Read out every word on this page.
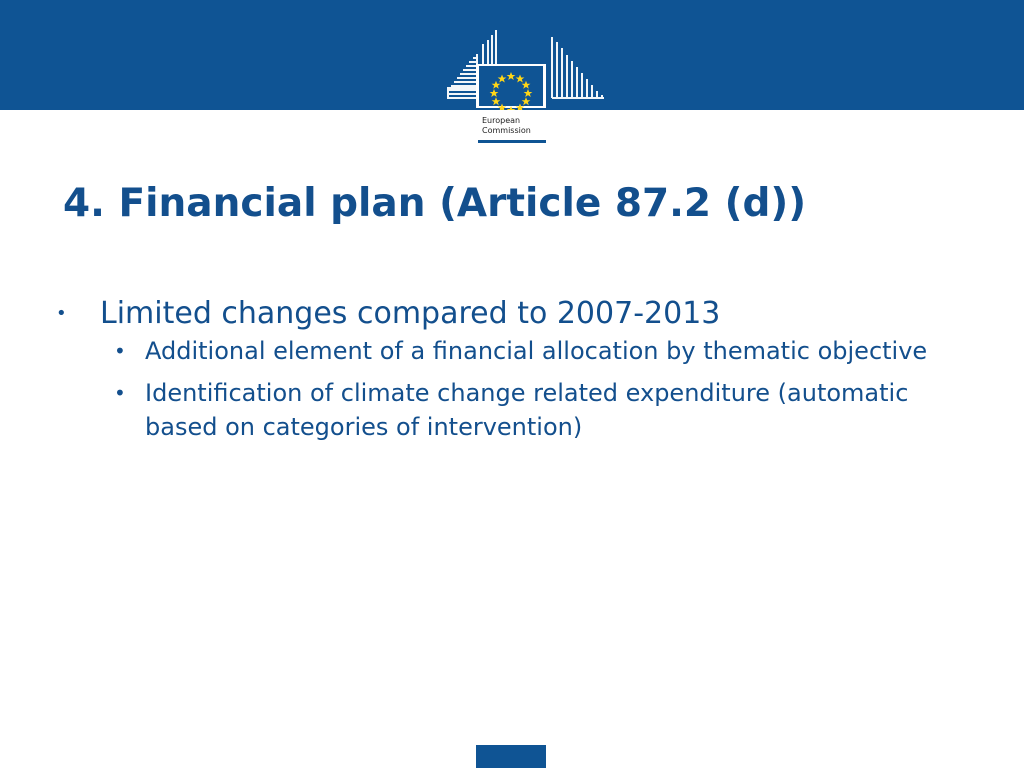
European
Commission
4. Financial plan (Article 87.2 (d))
• Limited changes compared to 2007-2013
• Additional element of a financial allocation by thematic objective
• Identification of climate change related expenditure (automatic based on categories of intervention)
